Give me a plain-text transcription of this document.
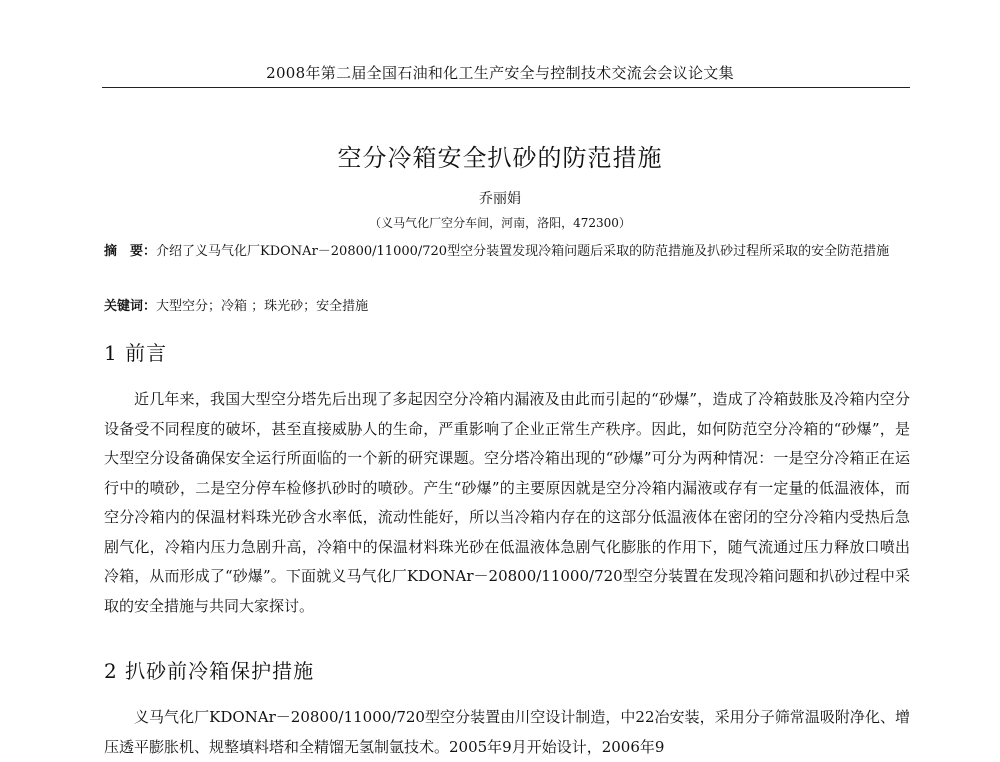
2008年第二届全国石油和化工生产安全与控制技术交流会会议论文集
空分冷箱安全扒砂的防范措施
乔丽娟
（义马气化厂空分车间，河南，洛阳，472300）
摘　要：介绍了义马气化厂KDONAr－20800/11000/720型空分装置发现冷箱问题后采取的防范措施及扒砂过程所采取的安全防范措施
关键词：大型空分；冷箱 ；珠光砂；安全措施
1 前言
近几年来，我国大型空分塔先后出现了多起因空分冷箱内漏液及由此而引起的“砂爆”，造成了冷箱鼓胀及冷箱内空分设备受不同程度的破坏，甚至直接威胁人的生命，严重影响了企业正常生产秩序。因此，如何防范空分冷箱的“砂爆”，是大型空分设备确保安全运行所面临的一个新的研究课题。空分塔冷箱出现的“砂爆”可分为两种情况：一是空分冷箱正在运行中的喷砂，二是空分停车检修扒砂时的喷砂。产生“砂爆”的主要原因就是空分冷箱内漏液或存有一定量的低温液体，而空分冷箱内的保温材料珠光砂含水率低，流动性能好，所以当冷箱内存在的这部分低温液体在密闭的空分冷箱内受热后急剧气化，冷箱内压力急剧升高，冷箱中的保温材料珠光砂在低温液体急剧气化膨胀的作用下，随气流通过压力释放口喷出冷箱，从而形成了“砂爆”。下面就义马气化厂KDONAr－20800/11000/720型空分装置在发现冷箱问题和扒砂过程中采取的安全措施与共同大家探讨。
2 扒砂前冷箱保护措施
义马气化厂KDONAr－20800/11000/720型空分装置由川空设计制造，中22冶安装，采用分子筛常温吸附净化、增压透平膨胀机、规整填料塔和全精馏无氢制氩技术。2005年9月开始设计，2006年9
